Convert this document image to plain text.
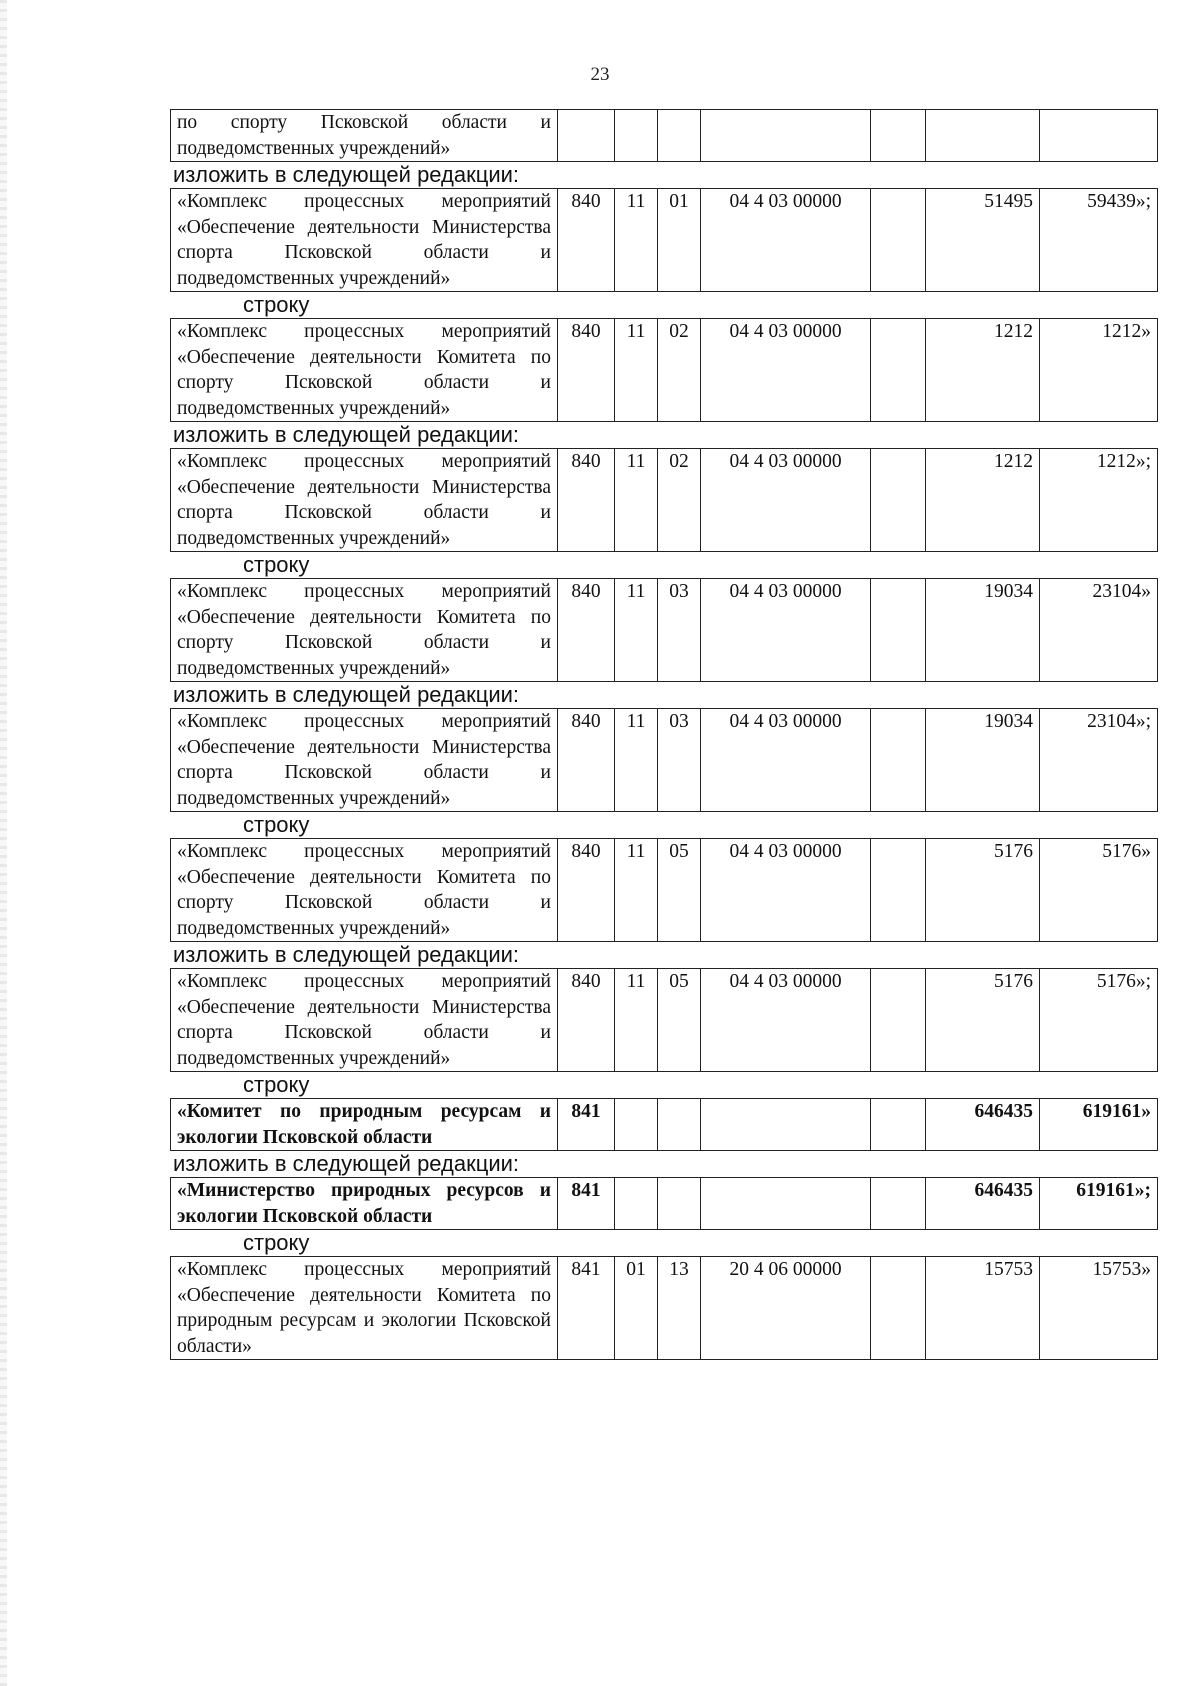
23
по спорту Псковской области и подведомственных учреждений»							
изложить в следующей редакции:
«Комплекс процессных мероприятий «Обеспечение деятельности Министерства спорта Псковской области и подведомственных учреждений»	840	11	01	04 4 03 00000		51495	59439»;
строку
«Комплекс процессных мероприятий «Обеспечение деятельности Комитета по спорту Псковской области и подведомственных учреждений»	840	11	02	04 4 03 00000		1212	1212»
изложить в следующей редакции:
«Комплекс процессных мероприятий «Обеспечение деятельности Министерства спорта Псковской области и подведомственных учреждений»	840	11	02	04 4 03 00000		1212	1212»;
строку
«Комплекс процессных мероприятий «Обеспечение деятельности Комитета по спорту Псковской области и подведомственных учреждений»	840	11	03	04 4 03 00000		19034	23104»
изложить в следующей редакции:
«Комплекс процессных мероприятий «Обеспечение деятельности Министерства спорта Псковской области и подведомственных учреждений»	840	11	03	04 4 03 00000		19034	23104»;
строку
«Комплекс процессных мероприятий «Обеспечение деятельности Комитета по спорту Псковской области и подведомственных учреждений»	840	11	05	04 4 03 00000		5176	5176»
изложить в следующей редакции:
«Комплекс процессных мероприятий «Обеспечение деятельности Министерства спорта Псковской области и подведомственных учреждений»	840	11	05	04 4 03 00000		5176	5176»;
строку
«Комитет по природным ресурсам и экологии Псковской области	841					646435	619161»
изложить в следующей редакции:
«Министерство природных ресурсов и экологии Псковской области	841					646435	619161»;
строку
«Комплекс процессных мероприятий «Обеспечение деятельности Комитета по природным ресурсам и экологии Псковской области»	841	01	13	20 4 06 00000		15753	15753»
